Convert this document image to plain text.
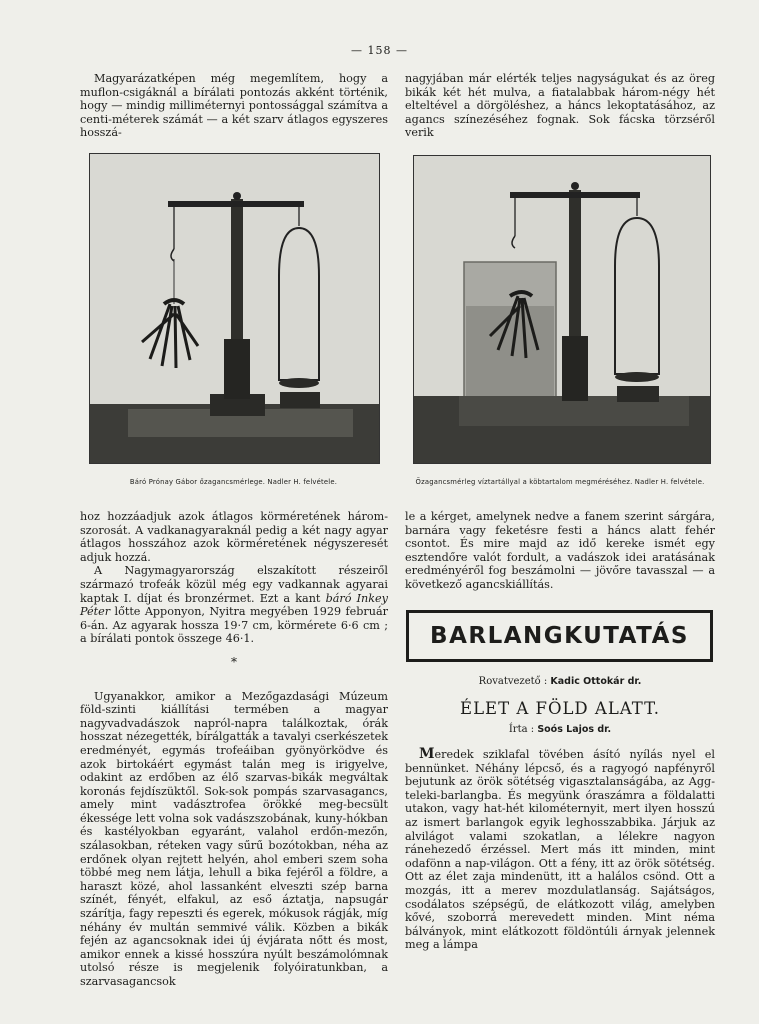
— 158 —

Magyarázatképen még megemlítem, hogy a muflon-csigáknál a bírálati pontozás akként történik, hogy — mindig milliméternyi pontossággal számítva a centi-méterek számát — a két szarv átlagos egyszeres hosszá-

nagyjában már elérték teljes nagyságukat és az öreg bikák két hét mulva, a fiatalabbak három-négy hét elteltével a dörgöléshez, a háncs lekoptatásához, az agancs színezéséhez fognak. Sok fácska törzséről verik

Báró Prónay Gábor őzagancsmérlege. Nadler H. felvétele.	Őzagancsmérleg víztartállyal a köbtartalom megméréséhez. Nadler H. felvétele.

hoz hozzáadjuk azok átlagos körméretének három-szorosát. A vadkanagyaraknál pedig a két nagy agyar átlagos hosszához azok körméretének négyszeresét adjuk hozzá.

A Nagymagyarország elszakított részeiről származó trofeák közül még egy vadkannak agyarai kaptak I. díjat és bronzérmet. Ezt a kant báró Inkey Péter lőtte Apponyon, Nyitra megyében 1929 február 6-án. Az agyarak hossza 19·7 cm, körmérete 6·6 cm ; a bírálati pontok összege 46·1.

*

Ugyanakkor, amikor a Mezőgazdasági Múzeum föld-szinti kiállítási termében a magyar nagyvadvadászok napról-napra találkoztak, órák hosszat nézegették, bírálgatták a tavalyi cserkészetek eredményét, egymás trofeáiban gyönyörködve és azok birtokáért egymást talán meg is irigyelve, odakint az erdőben az élő szarvas-bikák megváltak koronás fejdíszüktől. Sok-sok pompás szarvasagancs, amely mint vadásztrofea örökké meg-becsült ékessége lett volna sok vadászszobának, kuny-hókban és kastélyokban egyaránt, valahol erdőn-mezőn, szálasokban, réteken vagy sűrű bozótokban, néha az erdőnek olyan rejtett helyén, ahol emberi szem soha többé meg nem látja, lehull a bika fejéről a földre, a haraszt közé, ahol lassanként elveszti szép barna színét, fényét, elfakul, az eső áztatja, napsugár szárítja, fagy repeszti és egerek, mókusok rágják, míg néhány év multán semmivé válik. Közben a bikák fején az agancsoknak idei új évjárata nőtt és most, amikor ennek a kissé hosszúra nyúlt beszámolómnak utolsó része is megjelenik folyóiratunkban, a szarvasagancsok

le a kérget, amelynek nedve a fanem szerint sárgára, barnára vagy feketésre festi a háncs alatt fehér csontot. És mire majd az idő kereke ismét egy esztendőre valót fordult, a vadászok idei aratásának eredményéről fog beszámolni — jövőre tavasszal — a következő agancskiállítás.

BARLANGKUTATÁS
Rovatvezető : Kadic Ottokár dr.
ÉLET A FÖLD ALATT.
Írta : Soós Lajos dr.

Meredek sziklafal tövében ásító nyílás nyel el bennünket. Néhány lépcső, és a ragyogó napfényről bejutunk az örök sötétség vigasztalanságába, az Agg-teleki-barlangba. És megyünk óraszámra a földalatti utakon, vagy hat-hét kilométernyit, mert ilyen hosszú az ismert barlangok egyik leghosszabbika. Járjuk az alvilágot valami szokatlan, a lélekre nagyon ránehezedő érzéssel. Mert más itt minden, mint odafönn a nap-világon. Ott a fény, itt az örök sötétség. Ott az élet zaja mindenütt, itt a halálos csönd. Ott a mozgás, itt a merev mozdulatlanság. Sajátságos, csodálatos szépségű, de elátkozott világ, amelyben kővé, szoborrá merevedett minden. Mint néma bálványok, mint elátkozott földöntúli árnyak jelennek meg a lámpa
